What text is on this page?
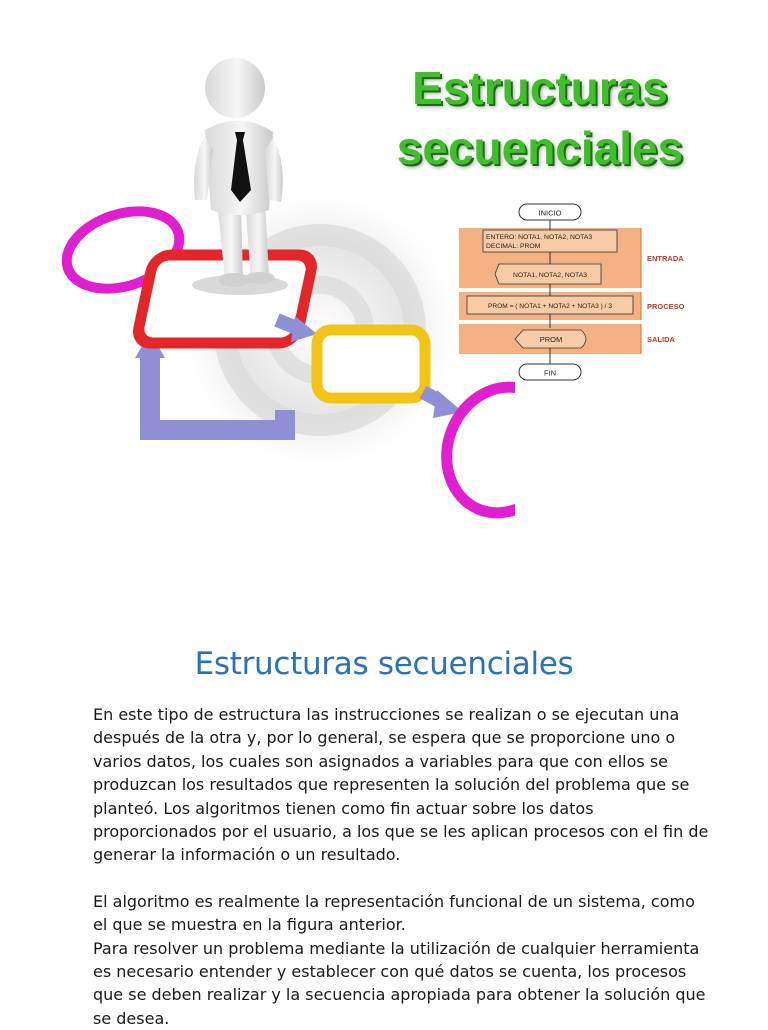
Estructuras
secuenciales
INICIO
ENTERO: NOTA1, NOTA2, NOTA3
DECIMAL: PROM
NOTA1, NOTA2, NOTA3
PROM = ( NOTA1 + NOTA2 + NOTA3 ) / 3
PROM
FIN
ENTRADA
PROCESO
SALIDA
Estructuras secuenciales

En este tipo de estructura las instrucciones se realizan o se ejecutan una después de la otra y, por lo general, se espera que se proporcione uno o varios datos, los cuales son asignados a variables para que con ellos se produzcan los resultados que representen la solución del problema que se planteó. Los algoritmos tienen como fin actuar sobre los datos proporcionados por el usuario, a los que se les aplican procesos con el fin de generar la información o un resultado.

El algoritmo es realmente la representación funcional de un sistema, como el que se muestra en la figura anterior.

Para resolver un problema mediante la utilización de cualquier herramienta es necesario entender y establecer con qué datos se cuenta, los procesos que se deben realizar y la secuencia apropiada para obtener la solución que se desea.
